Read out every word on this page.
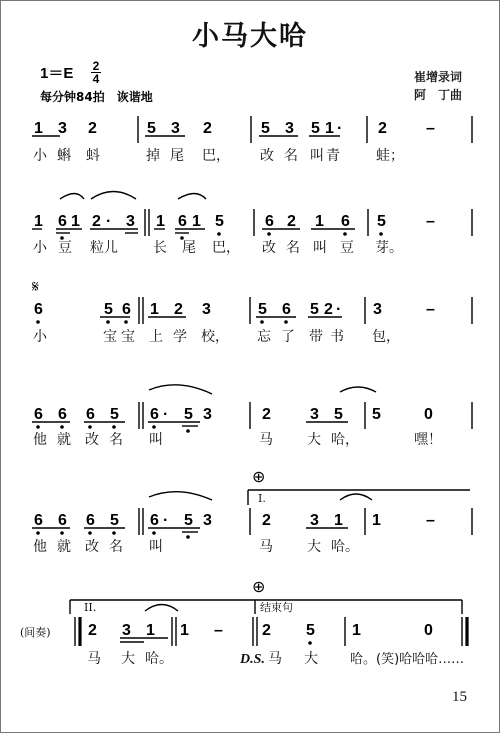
小马大哈
1＝E 2
4
每分钟84拍　诙谐地
崔增录词
阿　丁曲
1 3 2	5 3 2	5 3 5 1 · 2 –
小 蝌 蚪	掉 尾 巴， 改 名 叫 青	蛙；
1 6 1 2 · 3 1 6 1 5	6 2 1 6 5	–
小 豆 粒儿	长 尾 巴， 改 名 叫 豆 芽。
𝄋
6	5 6 1 2 3	5 6 5 2 · 3	–
小	宝 宝 上 学 校， 忘 了 带 书 包，
6 6 6 5 6 · 5 3	2 3 5 5	0
他 就 改 名 叫	马 大 哈，	嘿！
⊕
I.
6 6 6 5 6 · 5 3	2 3 1 1	–
他 就 改 名 叫	马 大 哈。
⊕
II.	结束句
(间奏) 2 3 1 1 – 2 5 1	0
马 大 哈。	D.S. 马 大 哈。(笑)哈哈哈……
15
